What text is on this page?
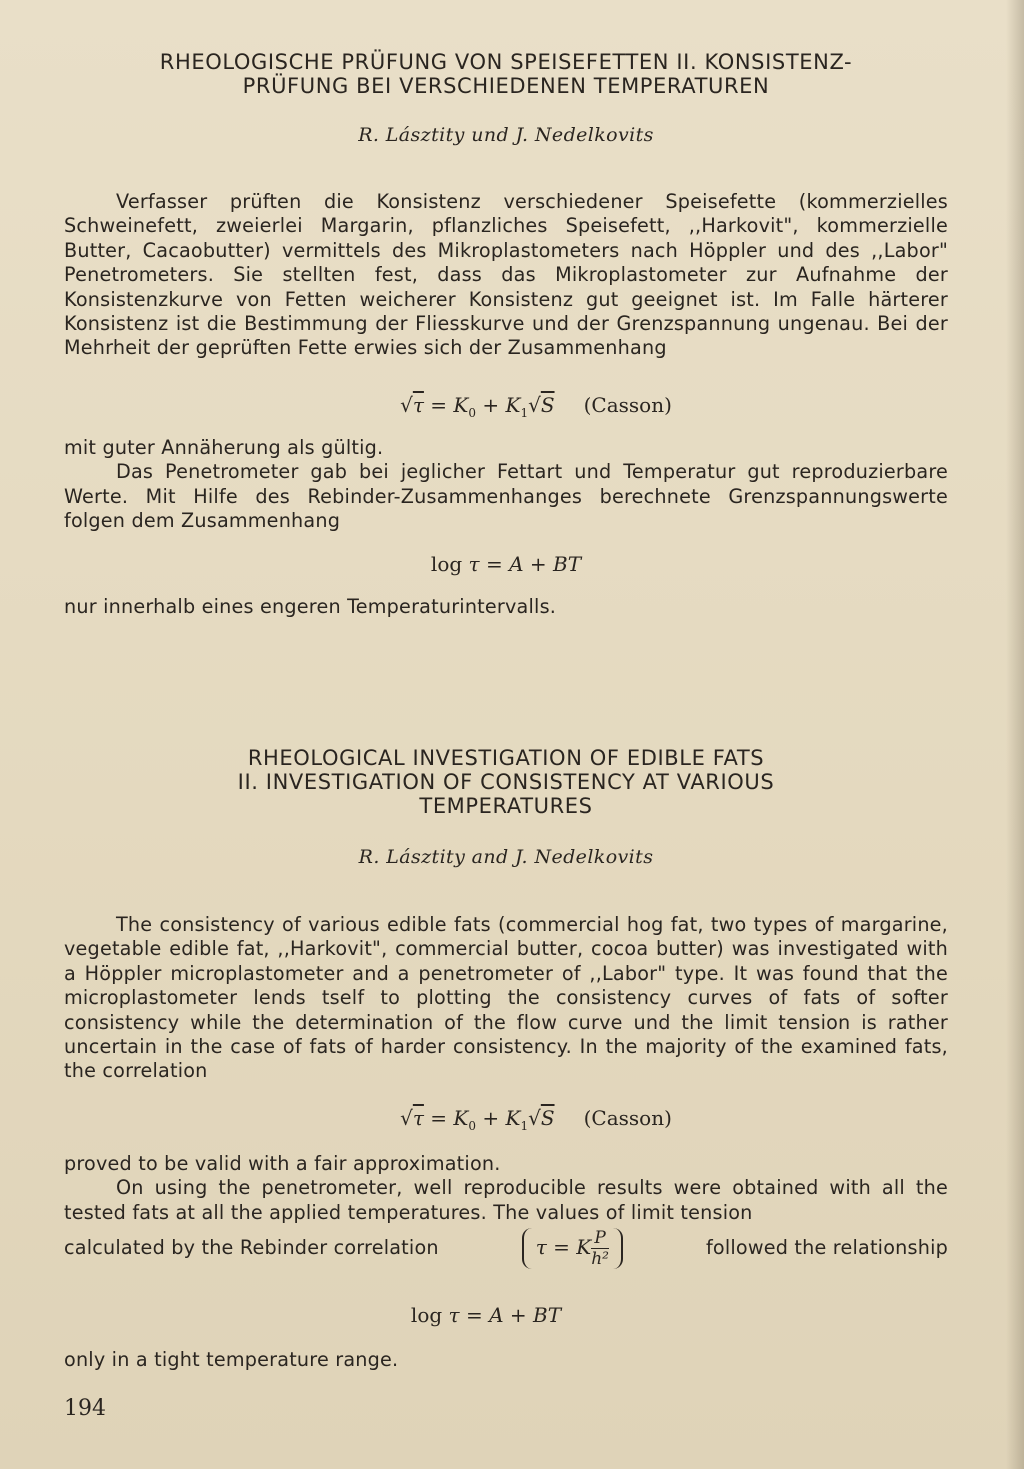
RHEOLOGISCHE PRÜFUNG VON SPEISEFETTEN II. KONSISTENZ-

PRÜFUNG BEI VERSCHIEDENEN TEMPERATUREN

R. Lásztity und J. Nedelkovits

Verfasser prüften die Konsistenz verschiedener Speisefette (kommerzielles Schweinefett, zweierlei Margarin, pflanzliches Speisefett, ,,Harkovit", kommerzielle Butter, Cacaobutter) vermittels des Mikroplastometers nach Höppler und des ,,Labor" Penetrometers. Sie stellten fest, dass das Mikroplastometer zur Aufnahme der Konsistenzkurve von Fetten weicherer Konsistenz gut geeignet ist. Im Falle härterer Konsistenz ist die Bestimmung der Fliesskurve und der Grenzspannung ungenau. Bei der Mehrheit der geprüften Fette erwies sich der Zusammenhang

$√\tau = K_0 + K_1√S$ (Casson)

mit guter Annäherung als gültig.

Das Penetrometer gab bei jeglicher Fettart und Temperatur gut reproduzierbare Werte. Mit Hilfe des Rebinder-Zusammenhanges berechnete Grenzspannungswerte folgen dem Zusammenhang

log τ = A + BT

nur innerhalb eines engeren Temperaturintervalls.

RHEOLOGICAL INVESTIGATION OF EDIBLE FATS

II. INVESTIGATION OF CONSISTENCY AT VARIOUS

TEMPERATURES

R. Lásztity and J. Nedelkovits

The consistency of various edible fats (commercial hog fat, two types of margarine, vegetable edible fat, ,,Harkovit", commercial butter, cocoa butter) was investigated with a Höppler microplastometer and a penetrometer of ,,Labor" type. It was found that the microplastometer lends tself to plotting the consistency curves of fats of softer consistency while the determination of the flow curve und the limit tension is rather uncertain in the case of fats of harder consistency. In the majority of the examined fats, the correlation

$√\tau = K_0 + K_1√S$ (Casson)

proved to be valid with a fair approximation.

On using the penetrometer, well reproducible results were obtained with all the tested fats at all the applied temperatures. The values of limit tension

calculated by the Rebinder correlation	τ = K $\frac{P}{\text{h²}}$	followed the relationship
log τ = A + BT

only in a tight temperature range.

194
